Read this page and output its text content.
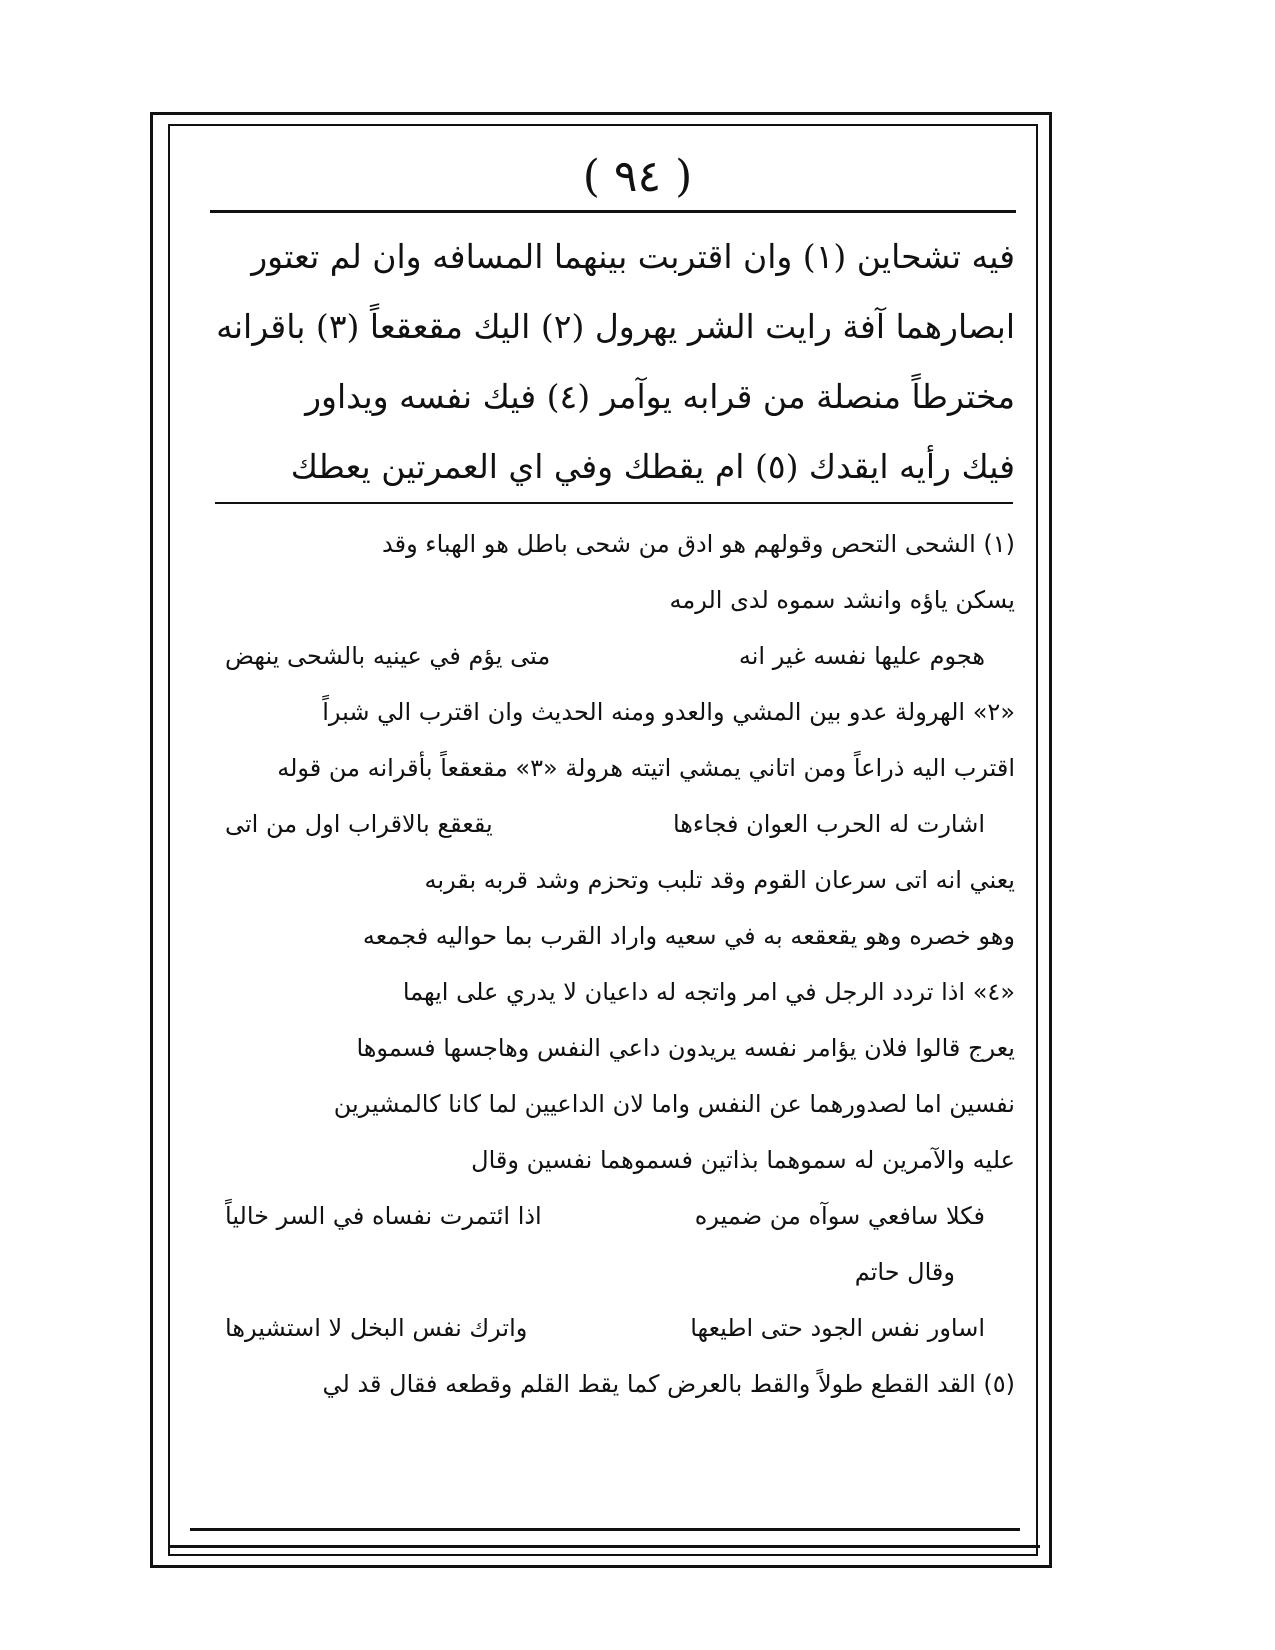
( ٩٤ )
فيه تشحاين (١) وان اقتربت بينهما المسافه وان لم تعتور
ابصارهما آفة رايت الشر يهرول (٢) اليك مقعقعاً (٣) باقرانه
مخترطاً منصلة من قرابه يوآمر (٤) فيك نفسه ويداور
فيك رأيه ايقدك (٥) ام يقطك وفي اي العمرتين يعطك
(١) الشحى التحص وقولهم هو ادق من شحى باطل هو الهباء وقد
يسكن ياؤه وانشد سموه لدى الرمه
هجوم عليها نفسه غير انه
متى يؤم في عينيه بالشحى ينهض
«٢» الهرولة عدو بين المشي والعدو ومنه الحديث وان اقترب الي شبراً
اقترب اليه ذراعاً ومن اتاني يمشي اتيته هرولة «٣» مقعقعاً بأقرانه من قوله
اشارت له الحرب العوان فجاءها
يقعقع بالاقراب اول من اتى
يعني انه اتى سرعان القوم وقد تلبب وتحزم وشد قربه بقربه
وهو خصره وهو يقعقعه به في سعيه واراد القرب بما حواليه فجمعه
«٤» اذا تردد الرجل في امر واتجه له داعيان لا يدري على ايهما
يعرج قالوا فلان يؤامر نفسه يريدون داعي النفس وهاجسها فسموها
نفسين اما لصدورهما عن النفس واما لان الداعيين لما كانا كالمشيرين
عليه والآمرين له سموهما بذاتين فسموهما نفسين وقال
فكلا سافعي سوآه من ضميره
اذا ائتمرت نفساه في السر خالياً
وقال حاتم
اساور نفس الجود حتى اطيعها
واترك نفس البخل لا استشيرها
(٥) القد القطع طولاً والقط بالعرض كما يقط القلم وقطعه فقال قد لي
